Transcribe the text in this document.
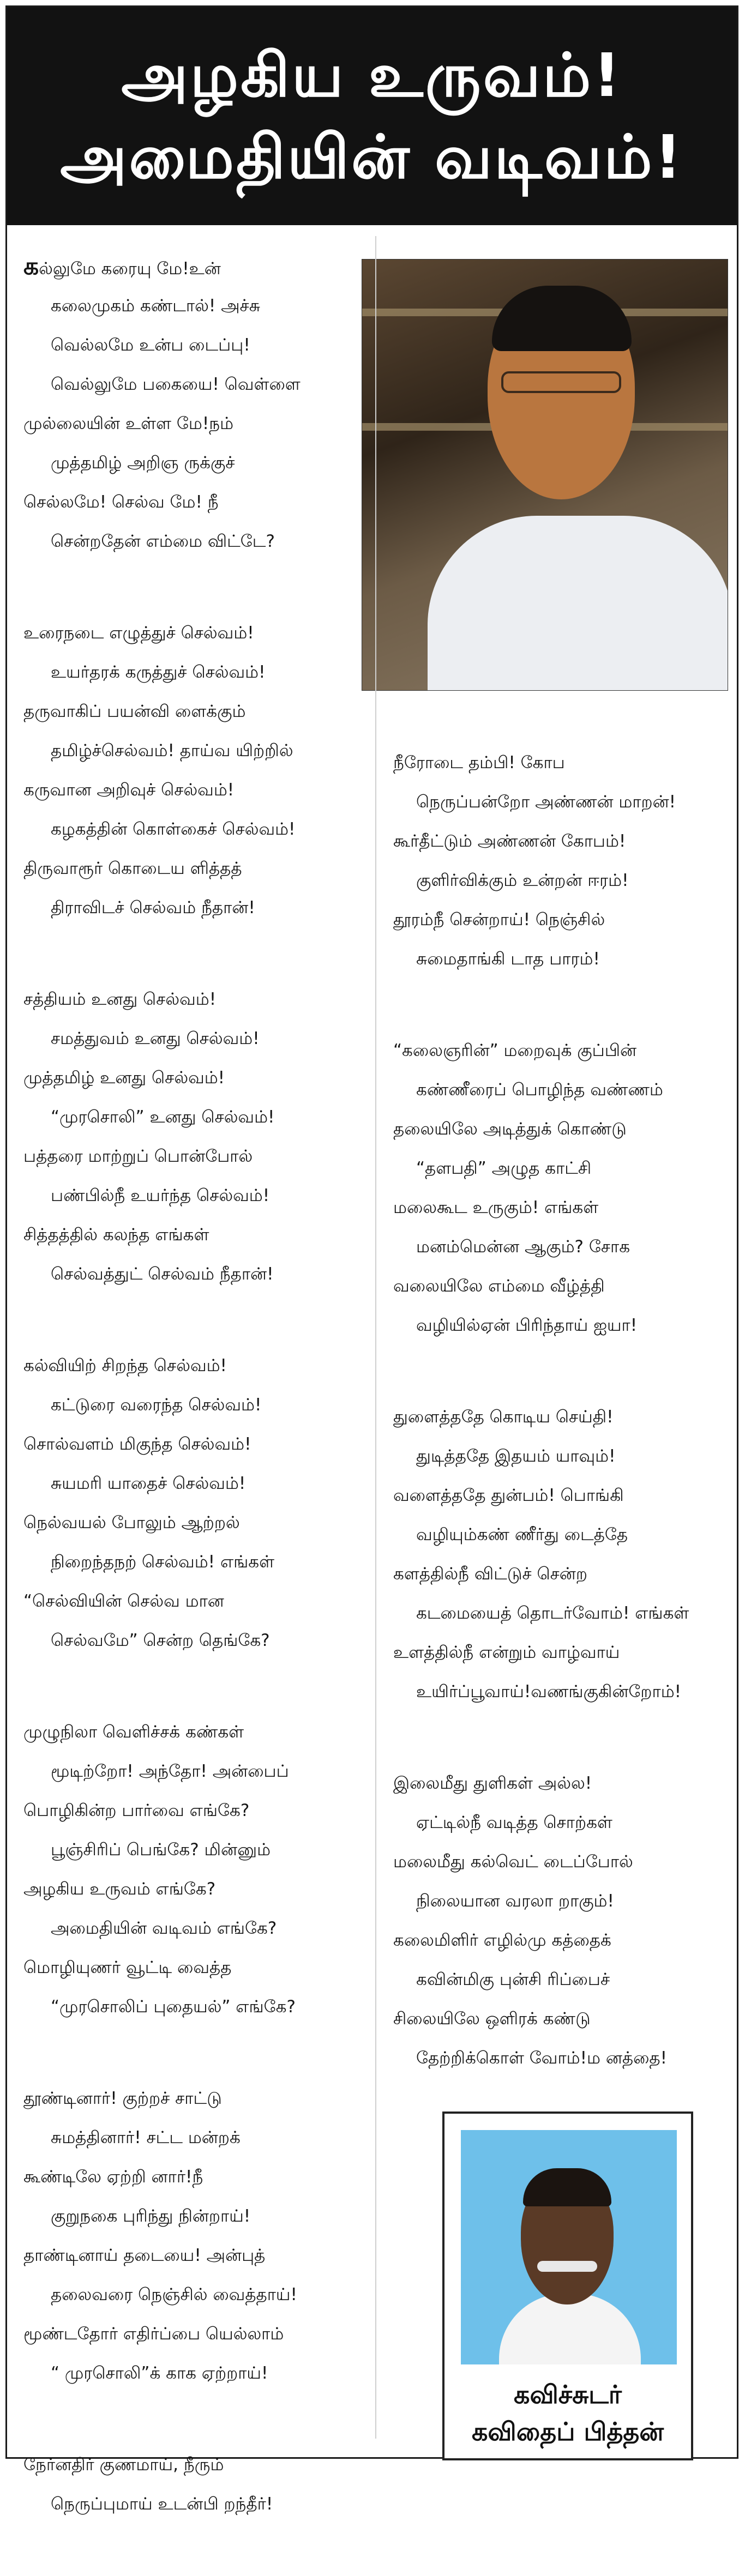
அழகிய உருவம்!
அமைதியின் வடிவம்!
கல்லுமே கரையு மே!உன்
கலைமுகம் கண்டால்! அச்சு
வெல்லமே உன்ப டைப்பு!
வெல்லுமே பகையை! வெள்ளை
முல்லையின் உள்ள மே!நம்
முத்தமிழ் அறிஞ ருக்குச்
செல்லமே! செல்வ மே! நீ
சென்றதேன் எம்மை விட்டே?
உரைநடை எழுத்துச் செல்வம்!
உயர்தரக் கருத்துச் செல்வம்!
தருவாகிப் பயன்வி ளைக்கும்
தமிழ்ச்செல்வம்! தாய்வ யிற்றில்
கருவான அறிவுச் செல்வம்!
கழகத்தின் கொள்கைச் செல்வம்!
திருவாரூர் கொடைய ளித்தத்
திராவிடச் செல்வம் நீதான்!
சத்தியம் உனது செல்வம்!
சமத்துவம் உனது செல்வம்!
முத்தமிழ் உனது செல்வம்!
“முரசொலி” உனது செல்வம்!
பத்தரை மாற்றுப் பொன்போல்
பண்பில்நீ உயர்ந்த செல்வம்!
சித்தத்தில் கலந்த எங்கள்
செல்வத்துட் செல்வம் நீதான்!
கல்வியிற் சிறந்த செல்வம்!
கட்டுரை வரைந்த செல்வம்!
சொல்வளம் மிகுந்த செல்வம்!
சுயமரி யாதைச் செல்வம்!
நெல்வயல் போலும் ஆற்றல்
நிறைந்தநற் செல்வம்! எங்கள்
“செல்வியின் செல்வ மான
செல்வமே” சென்ற தெங்கே?
முழுநிலா வெளிச்சக் கண்கள்
மூடிற்றோ! அந்தோ! அன்பைப்
பொழிகின்ற பார்வை எங்கே?
பூஞ்சிரிப் பெங்கே? மின்னும்
அழகிய உருவம் எங்கே?
அமைதியின் வடிவம் எங்கே?
மொழியுணர் வூட்டி வைத்த
“முரசொலிப் புதையல்” எங்கே?
தூண்டினார்! குற்றச் சாட்டு
சுமத்தினார்! சட்ட மன்றக்
கூண்டிலே ஏற்றி னார்!நீ
குறுநகை புரிந்து நின்றாய்!
தாண்டினாய் தடையை! அன்புத்
தலைவரை நெஞ்சில் வைத்தாய்!
மூண்டதோர் எதிர்ப்பை யெல்லாம்
“ முரசொலி”க் காக ஏற்றாய்!
நேர்னதிர் குணமாய், நீரும்
நெருப்புமாய் உடன்பி றந்தீர்!
நீரோடை தம்பி! கோப
நெருப்பன்றோ அண்ணன் மாறன்!
கூர்தீட்டும் அண்ணன் கோபம்!
குளிர்விக்கும் உன்றன் ஈரம்!
தூரம்நீ சென்றாய்! நெஞ்சில்
சுமைதாங்கி டாத பாரம்!
“கலைஞரின்” மறைவுக் குப்பின்
கண்ணீரைப் பொழிந்த வண்ணம்
தலையிலே அடித்துக் கொண்டு
“தளபதி” அழுத காட்சி
மலைகூட உருகும்! எங்கள்
மனம்மென்ன ஆகும்? சோக
வலையிலே எம்மை வீழ்த்தி
வழியில்ஏன் பிரிந்தாய் ஐயா!
துளைத்ததே கொடிய செய்தி!
துடித்ததே இதயம் யாவும்!
வளைத்ததே துன்பம்! பொங்கி
வழியும்கண் ணீர்து டைத்தே
களத்தில்நீ விட்டுச் சென்ற
கடமையைத் தொடர்வோம்! எங்கள்
உளத்தில்நீ என்றும் வாழ்வாய்
உயிர்ப்பூவாய்!வணங்குகின்றோம்!
இலைமீது துளிகள் அல்ல!
ஏட்டில்நீ வடித்த சொற்கள்
மலைமீது கல்வெட் டைப்போல்
நிலையான வரலா றாகும்!
கலைமிளிர் எழில்மு கத்தைக்
கவின்மிகு புன்சி ரிப்பைச்
சிலையிலே ஒளிரக் கண்டு
தேற்றிக்கொள் வோம்!ம னத்தை!
கவிச்சுடர்
கவிதைப் பித்தன்
